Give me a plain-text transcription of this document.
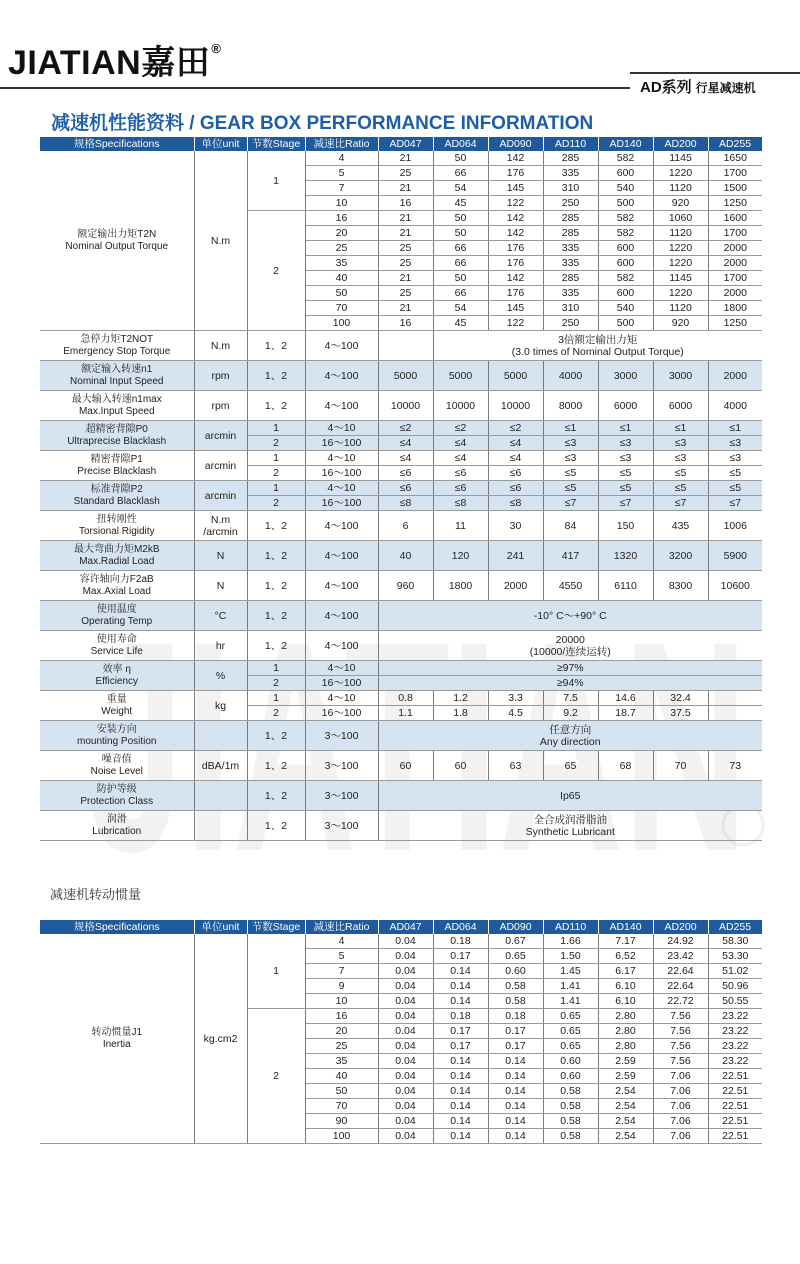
JIATIAN嘉田®
AD系列 行星减速机
减速机性能资料 / GEAR BOX PERFORMANCE INFORMATION
规格Specifications	单位unit	节数Stage	减速比Ratio	AD047	AD064	AD090	AD110	AD140	AD200	AD255

额定输出力矩T2N
Nominal Output Torque	N.m	1	4	21	50	142	285	582	1145	1650
			5	25	66	176	335	600	1220	1700
			7	21	54	145	310	540	1120	1500
			10	16	45	122	250	500	920	1250
		2	16	21	50	142	285	582	1060	1600
			20	21	50	142	285	582	1120	1700
			25	25	66	176	335	600	1220	2000
			35	25	66	176	335	600	1220	2000
			40	21	50	142	285	582	1145	1700
			50	25	66	176	335	600	1220	2000
			70	21	54	145	310	540	1120	1800
			100	16	45	122	250	500	920	1250

急停力矩T2NOT
Emergency Stop Torque	N.m	1、2	4～100		3倍额定输出力矩
(3.0 times of Nominal Output Torque)					

额定输入转速n1
Nominal Input Speed	rpm	1、2	4～100	5000	5000	5000	4000	3000	3000	2000

最大输入转速n1max
Max.Input Speed	rpm	1、2	4～100	10000	10000	10000	8000	6000	6000	4000

超精密背隙P0
Ultraprecise Blacklash	arcmin	1	4～10	≤2	≤2	≤2	≤1	≤1	≤1	≤1
		2	16～100	≤4	≤4	≤4	≤3	≤3	≤3	≤3

精密背隙P1
Precise Blacklash	arcmin	1	4～10	≤4	≤4	≤4	≤3	≤3	≤3	≤3
		2	16～100	≤6	≤6	≤6	≤5	≤5	≤5	≤5

标准背隙P2
Standard Blacklash	arcmin	1	4～10	≤6	≤6	≤6	≤5	≤5	≤5	≤5
		2	16～100	≤8	≤8	≤8	≤7	≤7	≤7	≤7

扭转刚性
Torsional Rigidity	N.m
/arcmin	1、2	4～100	6	11	30	84	150	435	1006

最大弯曲力矩M2kB
Max.Radial Load	N	1、2	4～100	40	120	241	417	1320	3200	5900

容许轴向力F2aB
Max.Axial Load	N	1、2	4～100	960	1800	2000	4550	6110	8300	10600

使用温度
Operating Temp	°C	1、2	4～100	-10° C～+90° C						

使用寿命
Service Life	hr	1、2	4～100	20000
(10000/连续运转)						

效率 η
Efficiency	%	1	4～10	≥97%						
		2	16～100	≥94%						

重量
Weight	kg	1	4～10	0.8	1.2	3.3	7.5	14.6	32.4	
		2	16～100	1.1	1.8	4.5	9.2	18.7	37.5	

安装方向
mounting Position		1、2	3～100	任意方向
Any direction						

噪音值
Noise Level	dBA/1m	1、2	3～100	60	60	63	65	68	70	73

防护等级
Protection Class		1、2	3～100	Ip65						

润滑
Lubrication		1、2	3～100	全合成润滑脂油
Synthetic Lubricant						
减速机转动惯量
规格Specifications	单位unit	节数Stage	减速比Ratio	AD047	AD064	AD090	AD110	AD140	AD200	AD255

转动惯量J1
Inertia	kg.cm2	1	4	0.04	0.18	0.67	1.66	7.17	24.92	58.30
			5	0.04	0.17	0.65	1.50	6.52	23.42	53.30
			7	0.04	0.14	0.60	1.45	6.17	22.64	51.02
			9	0.04	0.14	0.58	1.41	6.10	22.64	50.96
			10	0.04	0.14	0.58	1.41	6.10	22.72	50.55
		2	16	0.04	0.18	0.18	0.65	2.80	7.56	23.22
			20	0.04	0.17	0.17	0.65	2.80	7.56	23.22
			25	0.04	0.17	0.17	0.65	2.80	7.56	23.22
			35	0.04	0.14	0.14	0.60	2.59	7.56	23.22
			40	0.04	0.14	0.14	0.60	2.59	7.06	22.51
			50	0.04	0.14	0.14	0.58	2.54	7.06	22.51
			70	0.04	0.14	0.14	0.58	2.54	7.06	22.51
			90	0.04	0.14	0.14	0.58	2.54	7.06	22.51
			100	0.04	0.14	0.14	0.58	2.54	7.06	22.51
